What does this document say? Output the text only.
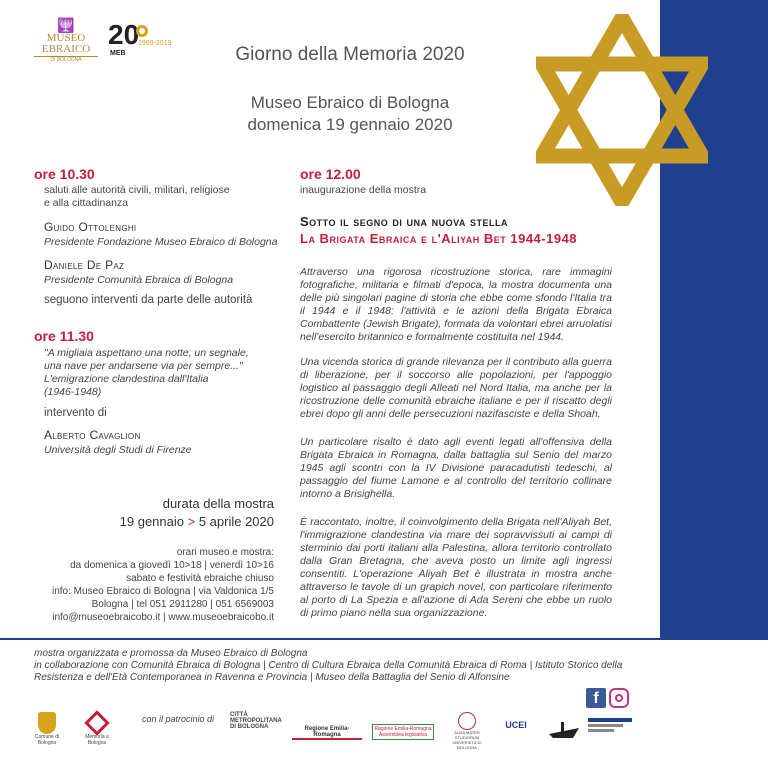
🕎
MUSEO
EBRAICO
DI BOLOGNA
20
1999-2019
MEB	Giorno della Memoria 2020
Museo Ebraico di Bologna
domenica 19 gennaio 2020
ore 10.30
saluti alle autorità civili, militari, religiose
e alla cittadinanza
Guido Ottolenghi
Presidente Fondazione Museo Ebraico di Bologna
Daniele De Paz
Presidente Comunità Ebraica di Bologna
seguono interventi da parte delle autorità
ore 11.30
"A migliaia aspettano una notte, un segnale,
una nave per andarsene via per sempre..."
L'emigrazione clandestina dall'Italia
(1946-1948)
intervento di
Alberto Cavaglion
Università degli Studi di Firenze
durata della mostra
19 gennaio > 5 aprile 2020
orari museo e mostra:
da domenica a giovedì 10>18 | venerdì 10>16
sabato e festività ebraiche chiuso
info: Museo Ebraico di Bologna | via Valdonica 1/5
Bologna | tel 051 2911280 | 051 6569003
info@museoebraicobo.it | www.museoebraicobo.it
ore 12.00
inaugurazione della mostra
Sotto il segno di una nuova stella
La Brigata Ebraica e l'Aliyah Bet 1944-1948
Attraverso una rigorosa ricostruzione storica, rare immagini fotografiche, militaria e filmati d'epoca, la mostra documenta una delle più singolari pagine di storia che ebbe come sfondo l'Italia tra il 1944 e il 1948: l'attività e le azioni della Brigata Ebraica Combattente (Jewish Brigate), formata da volontari ebrei arruolatisi nell'esercito britannico e formalmente costituita nel 1944.
Una vicenda storica di grande rilevanza per il contributo alla guerra di liberazione, per il soccorso alle popolazioni, per l'appoggio logistico al passaggio degli Alleati nel Nord Italia, ma anche per la ricostruzione delle comunità ebraiche italiane e per il riscatto degli ebrei dopo gli anni delle persecuzioni nazifasciste e della Shoah.
Un particolare risalto è dato agli eventi legati all'offensiva della Brigata Ebraica in Romagna, dalla battaglia sul Senio del marzo 1945 agli scontri con la IV Divisione paracadutisti tedeschi, al passaggio del fiume Lamone e al controllo del territorio collinare intorno a Brisighella.
È raccontato, inoltre, il coinvolgimento della Brigata nell'Aliyah Bet, l'immigrazione clandestina via mare dei sopravvissuti ai campi di sterminio dai porti italiani alla Palestina, allora territorio controllato dalla Gran Bretagna, che aveva posto un limite agli ingressi consentiti. L'operazione Aliyah Bet è illustrata in mostra anche attraverso le tavole di un grapich novel, con particolare riferimento al porto di La Spezia e all'azione di Ada Sereni che ebbe un ruolo di primo piano nella sua organizzazione.
mostra organizzata e promossa da Museo Ebraico di Bologna
in collaborazione con Comunità Ebraica di Bologna | Centro di Cultura Ebraica della Comunità Ebraica di Roma | Istituto Storico della
Resistenza e dell'Età Contemporanea in Ravenna e Provincia | Museo della Battaglia del Senio di Alfonsine
f
con il patrocinio di
Comune di Bologna
Memoria a Bologna
CITTÀ METROPOLITANA DI BOLOGNA	Regione Emilia-Romagna
Regione Emilia-Romagna Assemblea legislativa	ALMA MATER STUDIORUM UNIVERSITÀ DI BOLOGNA
UCEI
